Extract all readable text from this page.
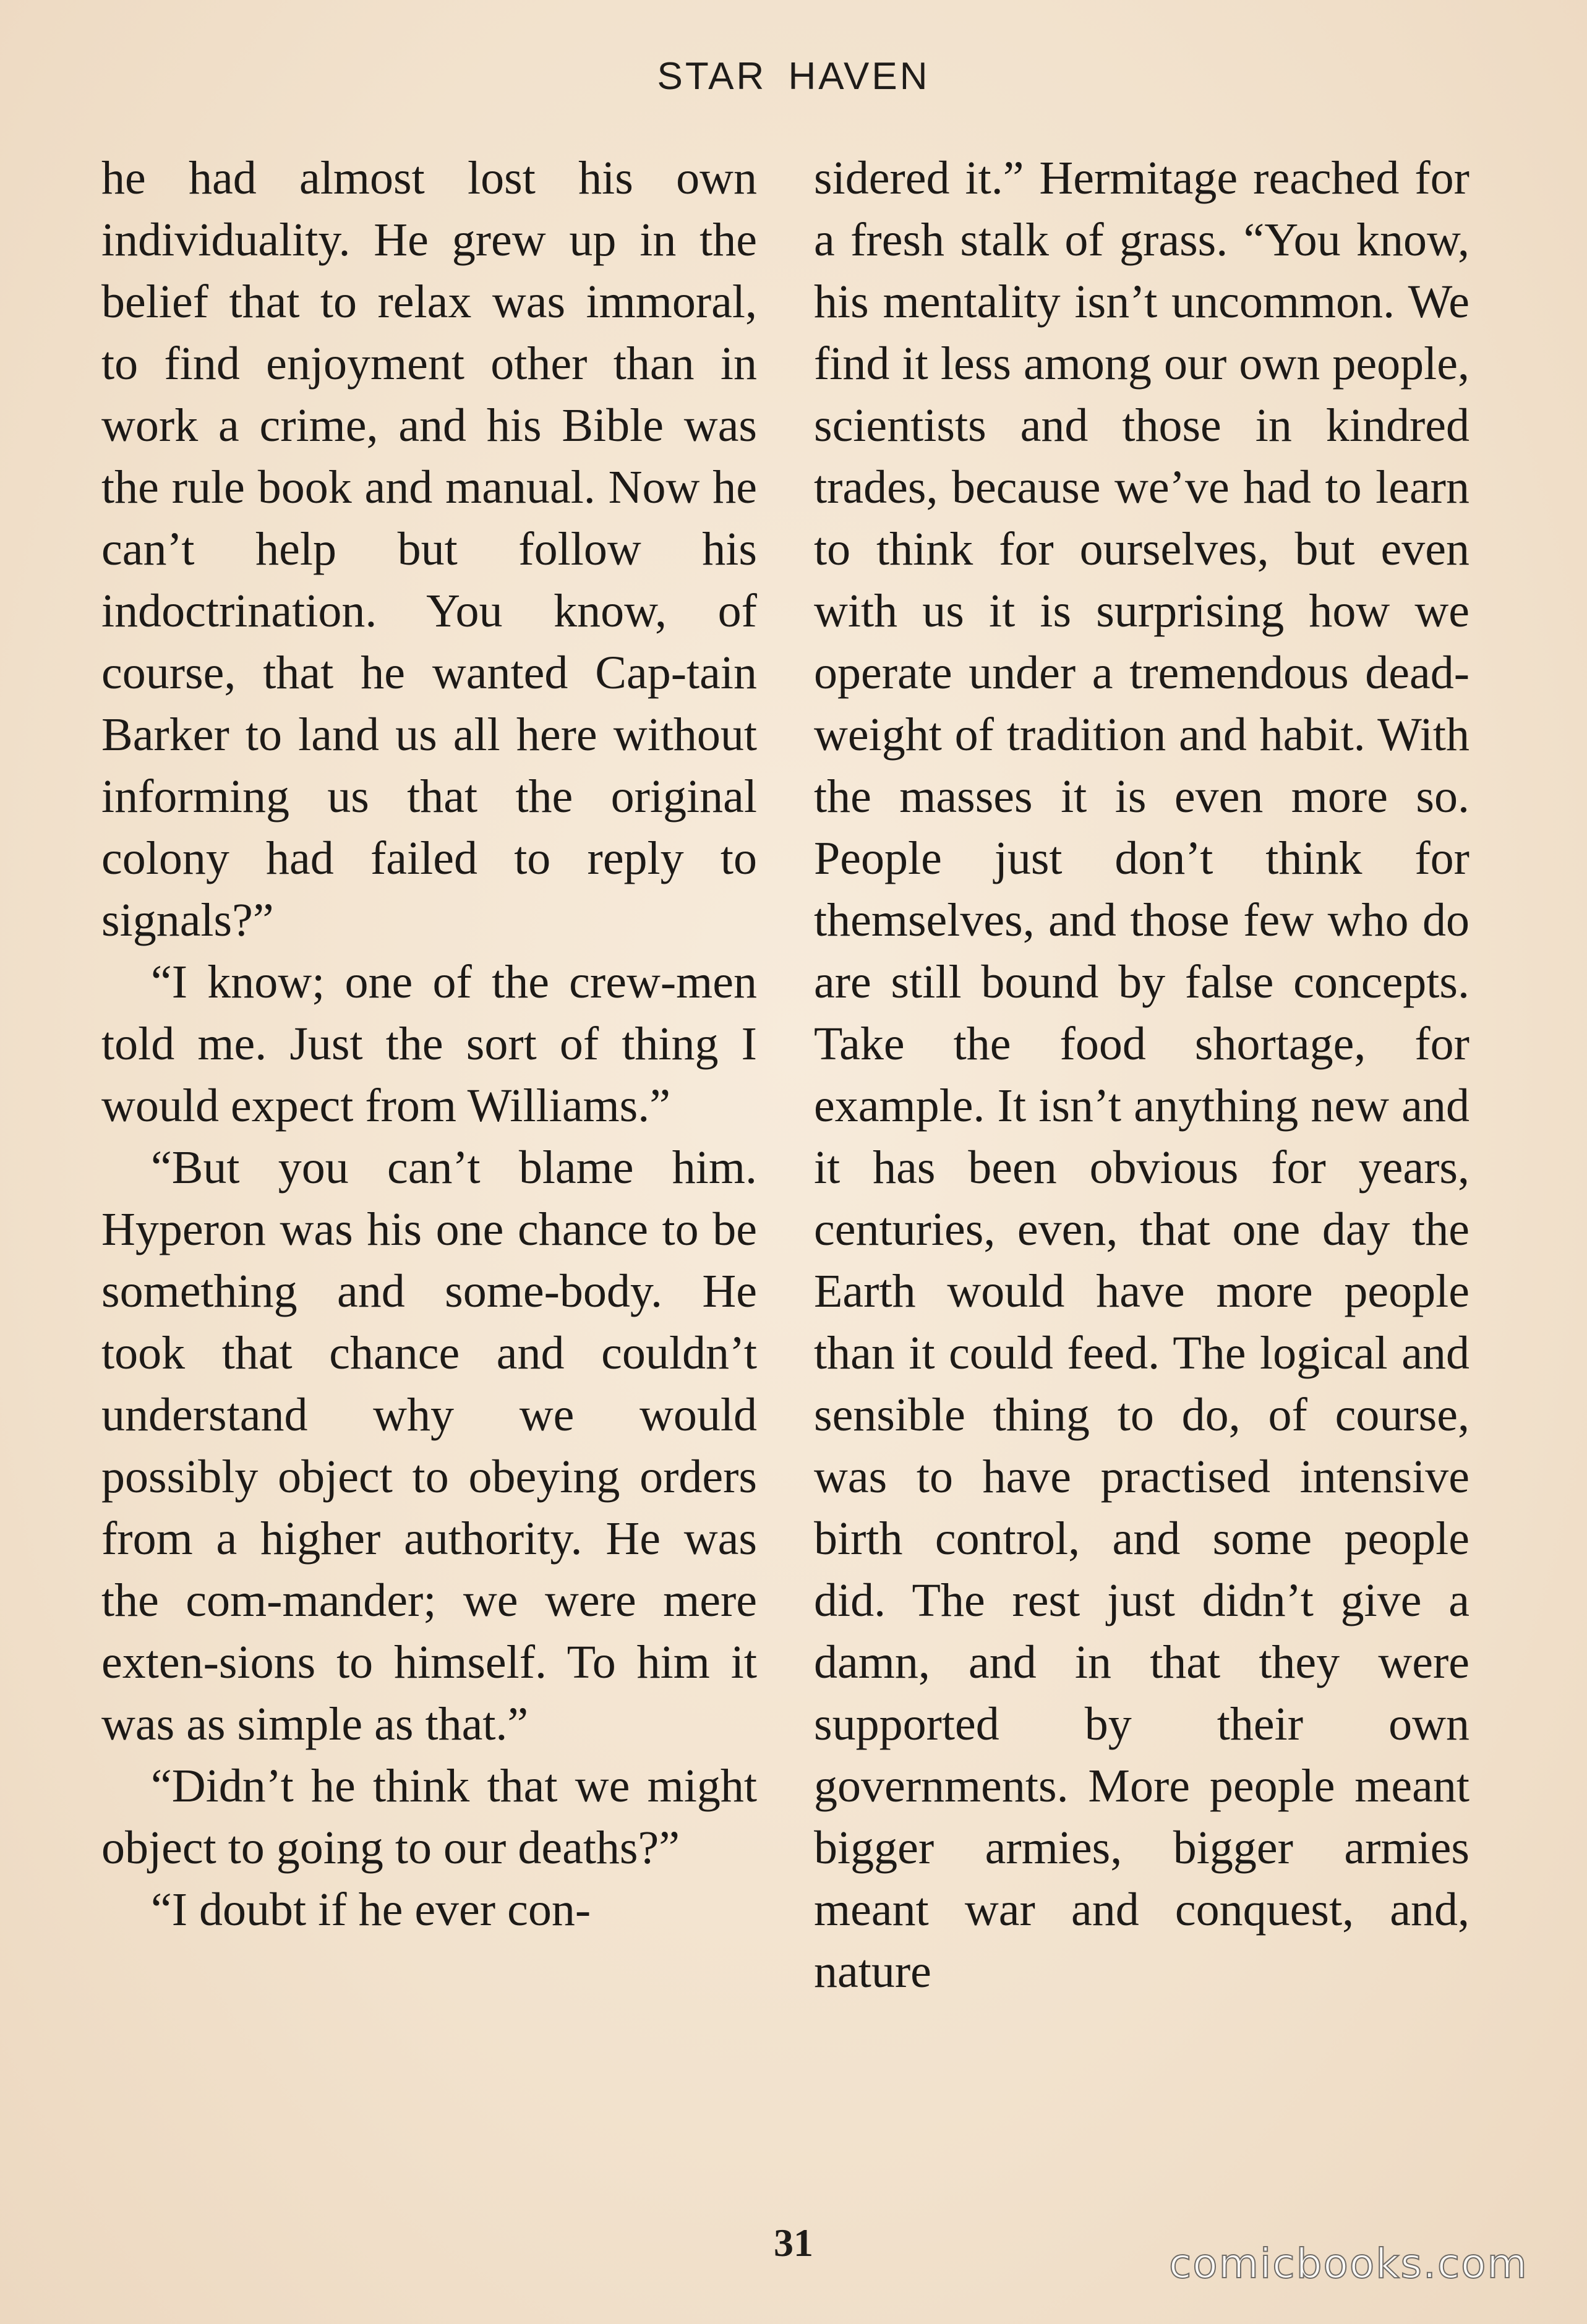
STAR HAVEN

he had almost lost his own individuality. He grew up in the belief that to relax was immoral, to find enjoyment other than in work a crime, and his Bible was the rule book and manual. Now he can’t help but follow his indoctrination. You know, of course, that he wanted Cap-tain Barker to land us all here without informing us that the original colony had failed to reply to signals?”

“I know; one of the crew-men told me. Just the sort of thing I would expect from Williams.”

“But you can’t blame him. Hyperon was his one chance to be something and some-body. He took that chance and couldn’t understand why we would possibly object to obeying orders from a higher authority. He was the com-mander; we were mere exten-sions to himself. To him it was as simple as that.”

“Didn’t he think that we might object to going to our deaths?”

“I doubt if he ever con-

sidered it.” Hermitage reached for a fresh stalk of grass. “You know, his mentality isn’t uncommon. We find it less among our own people, scientists and those in kindred trades, because we’ve had to learn to think for ourselves, but even with us it is surprising how we operate under a tremendous dead-weight of tradition and habit. With the masses it is even more so. People just don’t think for themselves, and those few who do are still bound by false concepts. Take the food shortage, for example. It isn’t anything new and it has been obvious for years, centuries, even, that one day the Earth would have more people than it could feed. The logical and sensible thing to do, of course, was to have practised intensive birth control, and some people did. The rest just didn’t give a damn, and in that they were supported by their own governments. More people meant bigger armies, bigger armies meant war and conquest, and, nature

31	comicbooks.com
